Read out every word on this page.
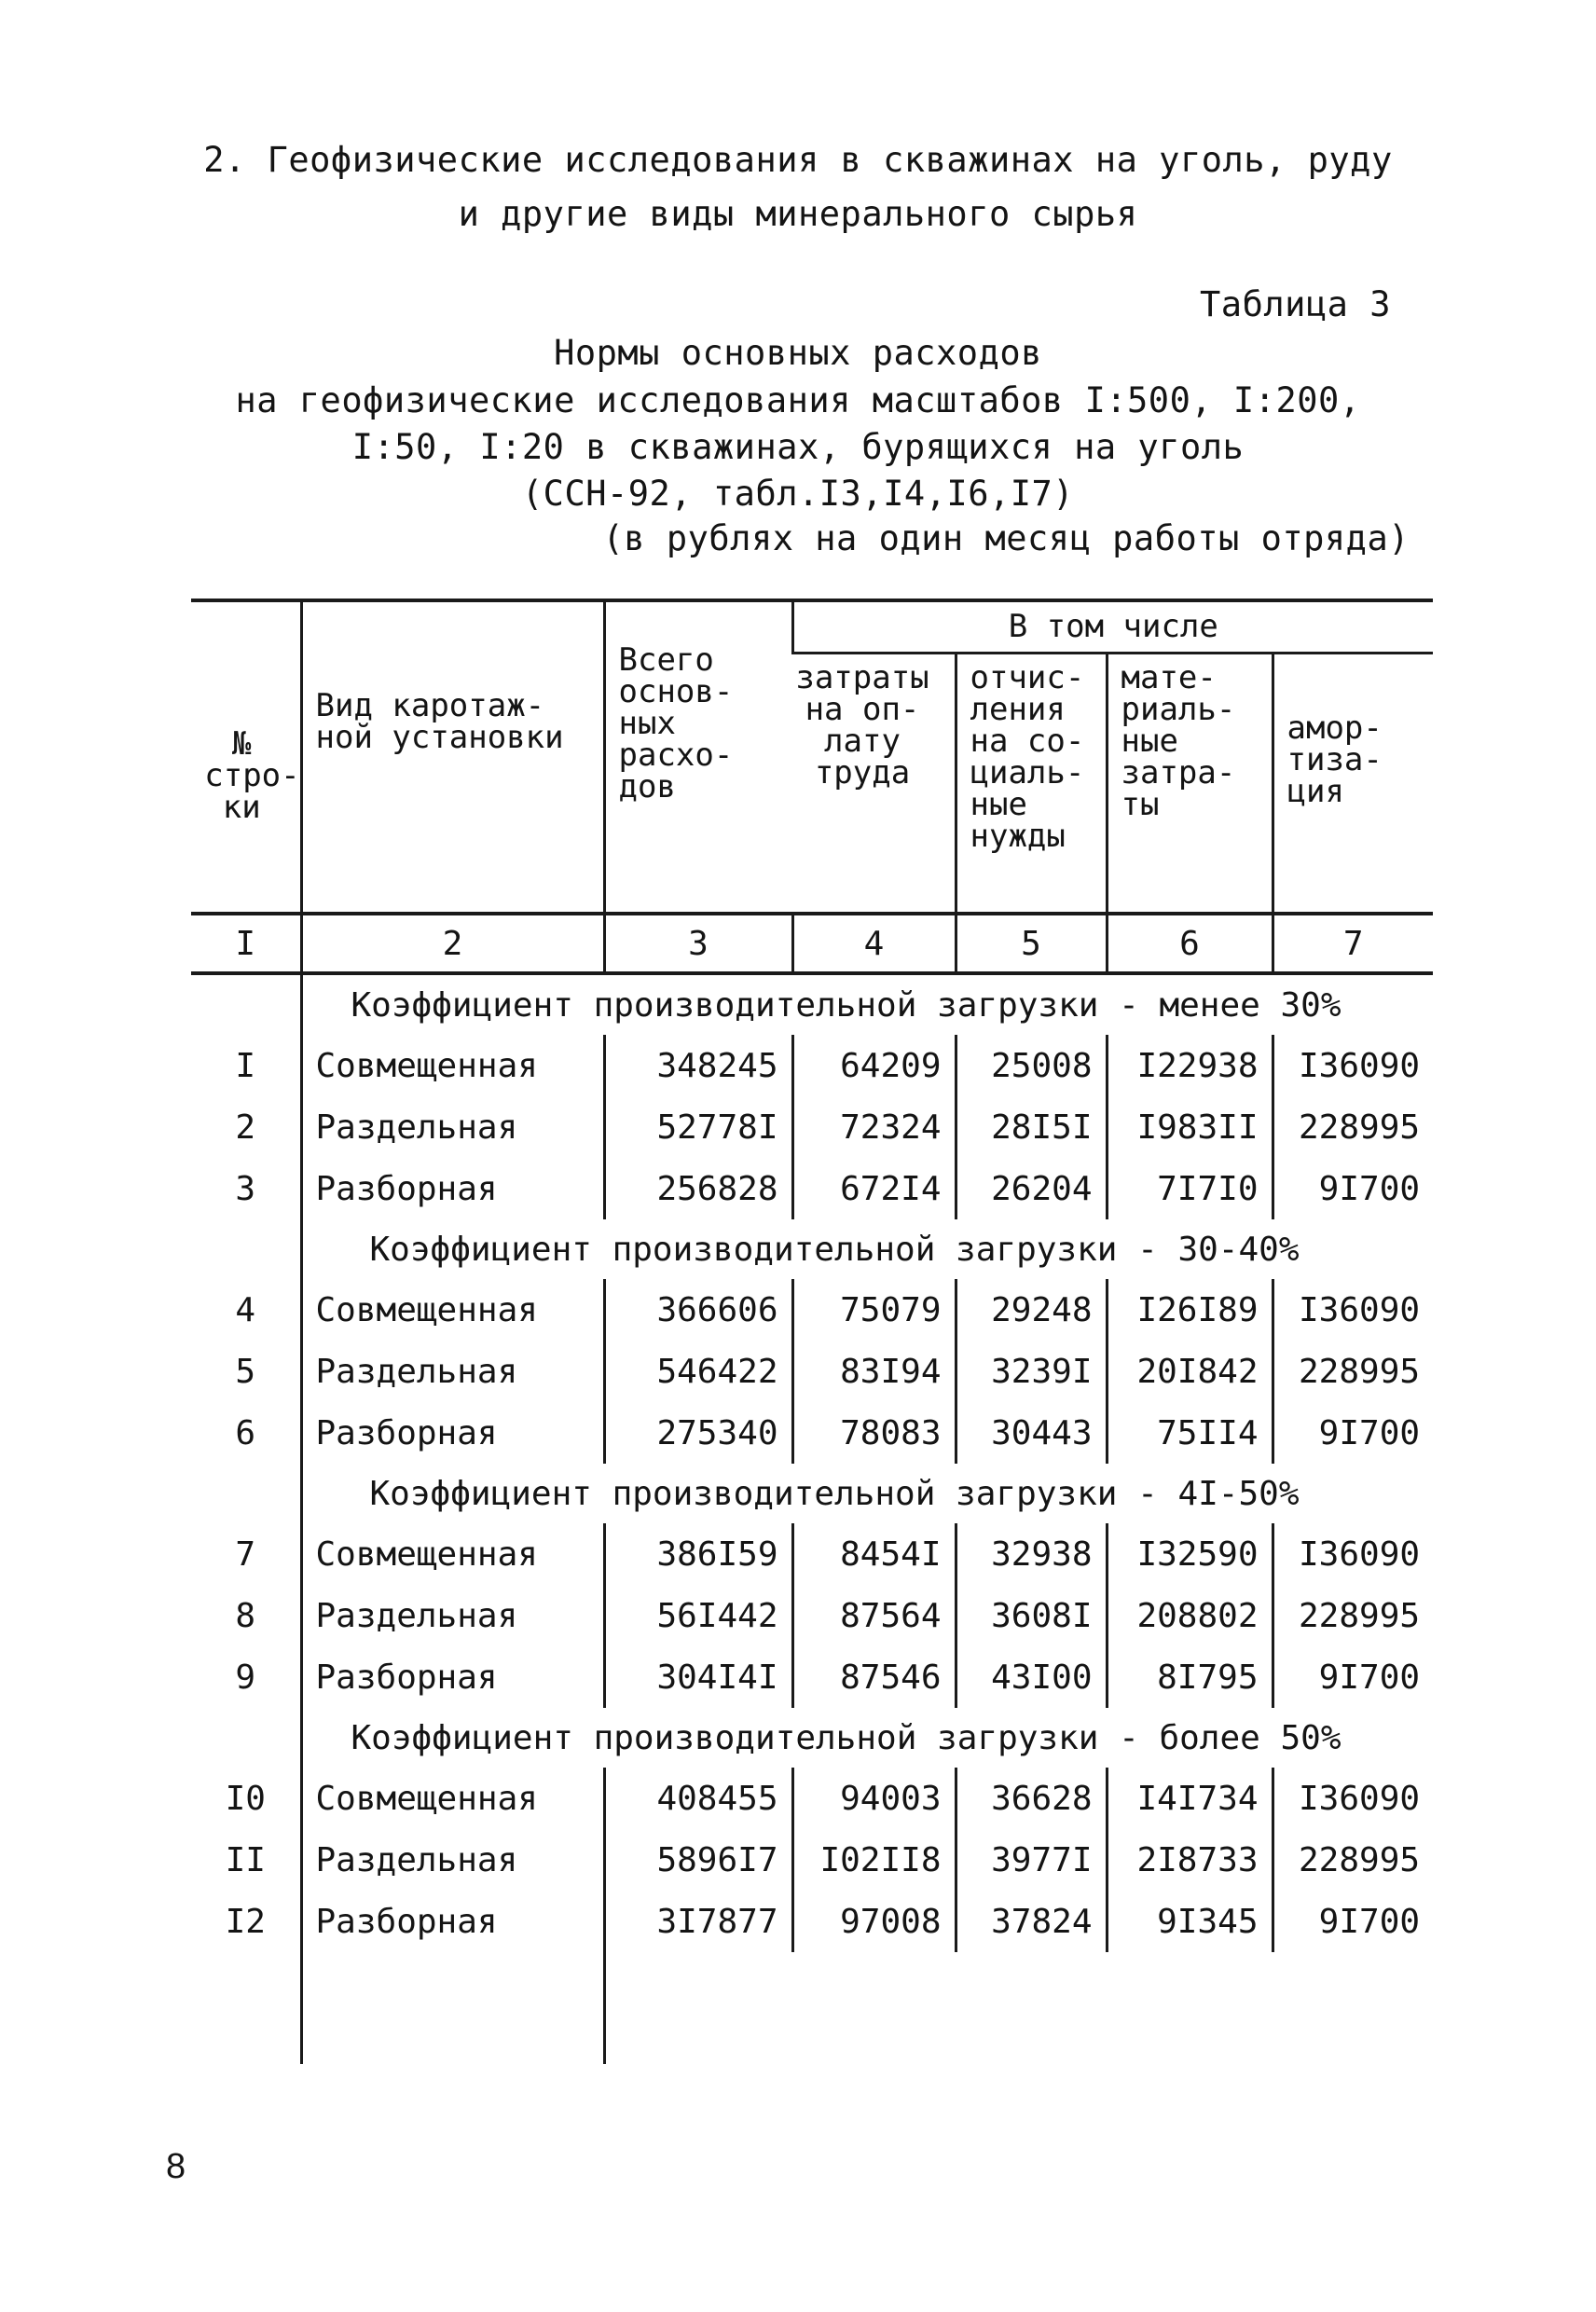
2. Геофизические исследования в скважинах на уголь, руду
и другие виды минерального сырья
Таблица 3
Нормы основных расходов
на геофизические исследования масштабов I:500, I:200,
I:50, I:20 в скважинах, бурящихся на уголь
(ССН-92, табл.I3,I4,I6,I7)
(в рублях на один месяц работы отряда)
№ стро-ки	Вид каротаж-ной установки	Всего основ-ных расхо-дов	В том числе			

			затраты на оп-лату труда	отчис-ления на со-циаль-ные нужды	мате-риаль-ные затра-ты	амор-тиза-ция

I	2	3	4	5	6	7
	Коэффициент производительной загрузки - менее 30%					
I	Совмещенная	348245	64209	25008	I22938	I36090
2	Раздельная	52778I	72324	28I5I	I983II	228995
3	Разборная	256828	672I4	26204	7I7I0	9I700
	Коэффициент производительной загрузки - 30-40%					
4	Совмещенная	366606	75079	29248	I26I89	I36090
5	Раздельная	546422	83I94	3239I	20I842	228995
6	Разборная	275340	78083	30443	75II4	9I700
	Коэффициент производительной загрузки - 4I-50%					
7	Совмещенная	386I59	8454I	32938	I32590	I36090
8	Раздельная	56I442	87564	3608I	208802	228995
9	Разборная	304I4I	87546	43I00	8I795	9I700
	Коэффициент производительной загрузки - более 50%					
I0	Совмещенная	408455	94003	36628	I4I734	I36090
II	Раздельная	5896I7	I02II8	3977I	2I8733	228995
I2	Разборная	3I7877	97008	37824	9I345	9I700

8
